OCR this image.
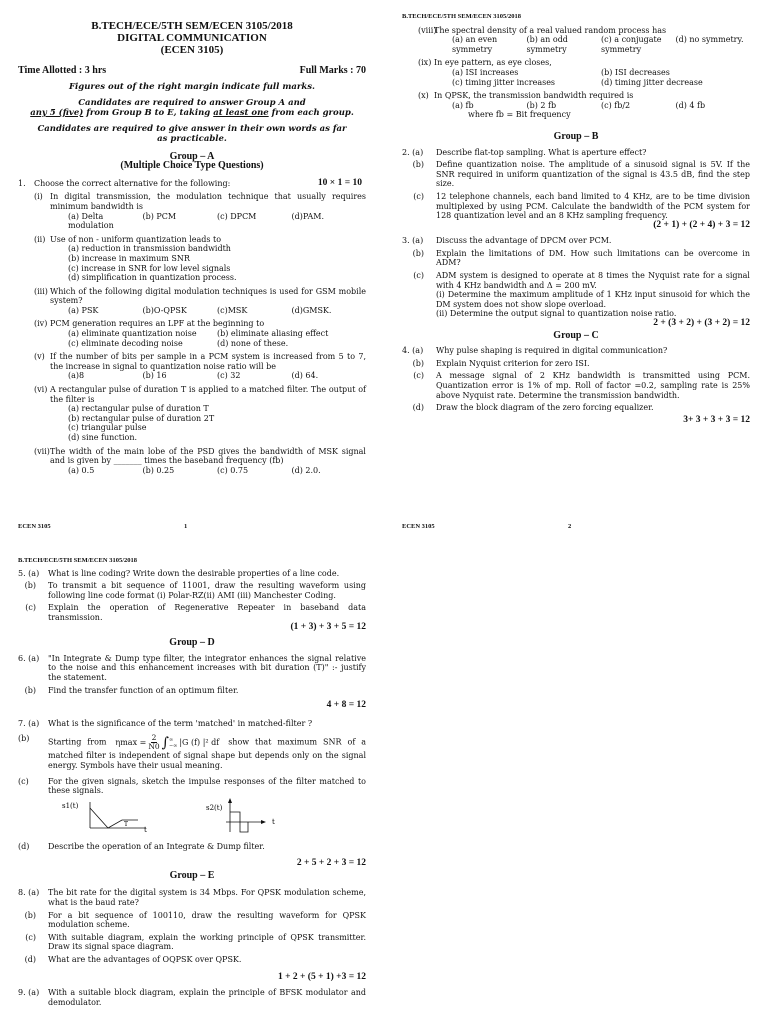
B.TECH/ECE/5TH SEM/ECEN 3105/2018
DIGITAL COMMUNICATION
(ECEN 3105)
Time Allotted : 3 hrs	Full Marks : 70
Figures out of the right margin indicate full marks.
Candidates are required to answer Group A and
any 5 (five) from Group B to E, taking at least one from each group.
Candidates are required to give answer in their own words as far as practicable.
Group – A
(Multiple Choice Type Questions)
1.	Choose the correct alternative for the following:	10 × 1 = 10
(i) In digital transmission, the modulation technique that usually requires minimum bandwidth is
(a) Delta modulation
(b) PCM	(c) DPCM	(d)PAM.
(ii) Use of non - uniform quantization leads to
(a) reduction in transmission bandwidth
(b) increase in maximum SNR
(c) increase in SNR for low level signals
(d) simplification in quantization process.
(iii) Which of the following digital modulation techniques is used for GSM mobile system?
(a) PSK	(b)O-QPSK	(c)MSK	(d)GMSK.
(iv) PCM generation requires an LPF at the beginning to
(a) eliminate quantization noise	(b) eliminate aliasing effect
(c) eliminate decoding noise	(d) none of these.
(v) If the number of bits per sample in a PCM system is increased from 5 to 7, the increase in signal to quantization noise ratio will be
(a)8	(b) 16	(c) 32	(d) 64.
(vi) A rectangular pulse of duration T is applied to a matched filter. The output of the filter is
(a) rectangular pulse of duration T
(b) rectangular pulse of duration 2T
(c) triangular pulse
(d) sine function.
(vii) The width of the main lobe of the PSD gives the bandwidth of MSK signal and is given by _______ times the baseband frequency (fb)
(a) 0.5	(b) 0.25	(c) 0.75	(d) 2.0.
ECEN 3105	1
B.TECH/ECE/5TH SEM/ECEN 3105/2018
(viii)
The spectral density of a real valued random process has
(a) an even symmetry
(b) an odd symmetry
(c) a conjugate symmetry
(d) no symmetry.
(ix) In eye pattern, as eye closes,
(a) ISI increases	(b) ISI decreases
(c) timing jitter increases	(d) timing jitter decrease
(x) In QPSK, the transmission bandwidth required is
(a) fb	(b) 2 fb	(c) fb/2	(d) 4 fb
where fb = Bit frequency
Group – B
2. (a)	Describe flat-top sampling. What is aperture effect?
(b)	Define quantization noise. The amplitude of a sinusoid signal is 5V. If the SNR required in uniform quantization of the signal is 43.5 dB, find the step size.
(c)	12 telephone channels, each band limited to 4 KHz, are to be time division multiplexed by using PCM. Calculate the bandwidth of the PCM system for 128 quantization level and an 8 KHz sampling frequency.
(2 + 1) + (2 + 4) + 3 = 12
3. (a)	Discuss the advantage of DPCM over PCM.
(b)	Explain the limitations of DM. How such limitations can be overcome in ADM?
(c)	ADM system is designed to operate at 8 times the Nyquist rate for a signal with 4 KHz bandwidth and Δ = 200 mV.
(i) Determine the maximum amplitude of 1 KHz input sinusoid for which the DM system does not show slope overload.
(ii) Determine the output signal to quantization noise ratio.
2 + (3 + 2) + (3 + 2) = 12
Group – C
4. (a)	Why pulse shaping is required in digital communication?
(b)	Explain Nyquist criterion for zero ISI.
(c)	A message signal of 2 KHz bandwidth is transmitted using PCM. Quantization error is 1% of mp. Roll of factor =0.2, sampling rate is 25% above Nyquist rate. Determine the transmission bandwidth.
(d)	Draw the block diagram of the zero forcing equalizer.
3+ 3 + 3 + 3 = 12
ECEN 3105	2
B.TECH/ECE/5TH SEM/ECEN 3105/2018
5. (a)	What is line coding? Write down the desirable properties of a line code.
(b)	To transmit a bit sequence of 11001, draw the resulting waveform using following line code format (i) Polar-RZ(ii) AMI (iii) Manchester Coding.
(c)	Explain the operation of Regenerative Repeater in baseband data transmission.
(1 + 3) + 3 + 5 = 12
Group – D
6. (a)	"In Integrate & Dump type filter, the integrator enhances the signal relative to the noise and this enhancement increases with bit duration (T)" :- justify the statement.
(b)	Find the transfer function of an optimum filter.
4 + 8 = 12
7. (a)	What is the significance of the term 'matched' in matched-filter ?
(b)	Starting from $\eta\max = \frac{2}{N0}$ ∫ ∞
−∞ |G (f) |² df show that maximum SNR of a matched filter is independent of signal shape but depends only on the signal energy. Symbols have their usual meaning.
(c)	For the given signals, sketch the impulse responses of the filter matched to these signals.
s1(t)
T
t
s2(t)
t
(d)	Describe the operation of an Integrate & Dump filter.
2 + 5 + 2 + 3 = 12
Group – E
8. (a)	The bit rate for the digital system is 34 Mbps. For QPSK modulation scheme, what is the baud rate?
(b)	For a bit sequence of 100110, draw the resulting waveform for QPSK modulation scheme.
(c)	With suitable diagram, explain the working principle of QPSK transmitter. Draw its signal space diagram.
(d)	What are the advantages of OQPSK over QPSK.
1 + 2 + (5 + 1) +3 = 12
9. (a)	With a suitable block diagram, explain the principle of BFSK modulator and demodulator.
